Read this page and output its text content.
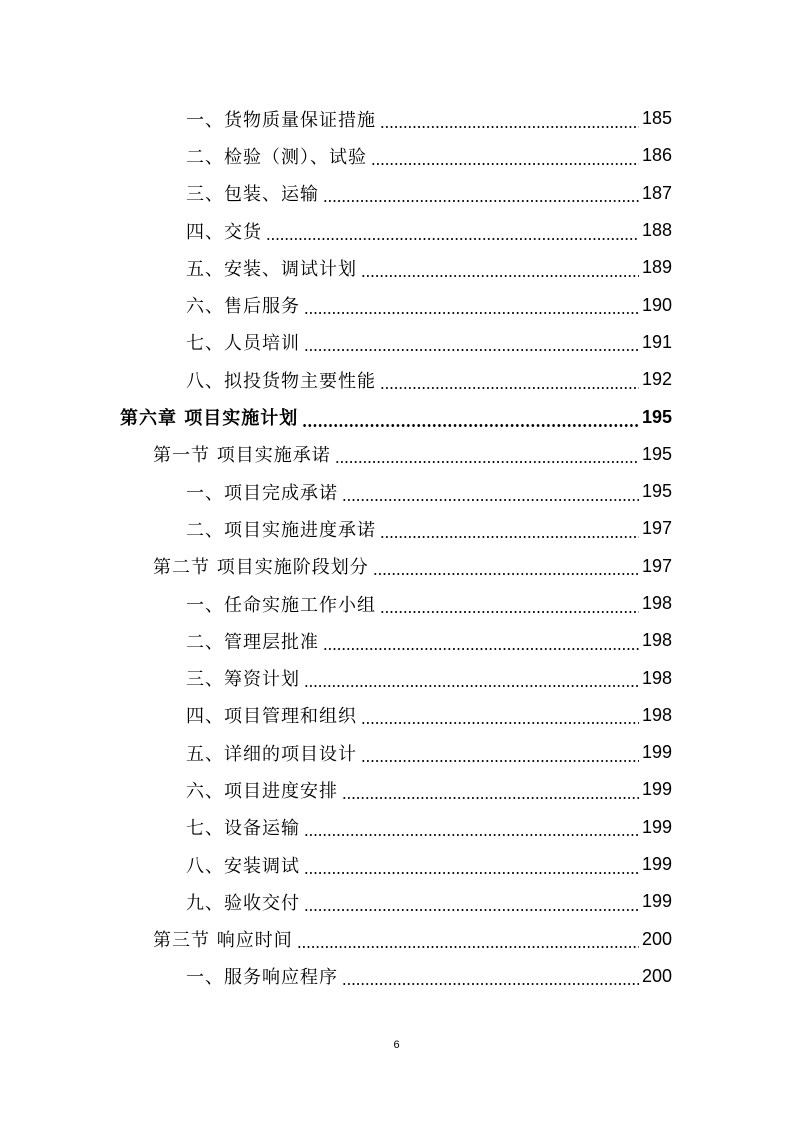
一、货物质量保证措施	185
二、检验（测）、试验	186
三、包装、运输	187
四、交货	188
五、安装、调试计划	189
六、售后服务	190
七、人员培训	191
八、拟投货物主要性能	192
第六章 项目实施计划	195
第一节 项目实施承诺	195
一、项目完成承诺	195
二、项目实施进度承诺	197
第二节 项目实施阶段划分	197
一、任命实施工作小组	198
二、管理层批准	198
三、筹资计划	198
四、项目管理和组织	198
五、详细的项目设计	199
六、项目进度安排	199
七、设备运输	199
八、安装调试	199
九、验收交付	199
第三节 响应时间	200
一、服务响应程序	200
6
